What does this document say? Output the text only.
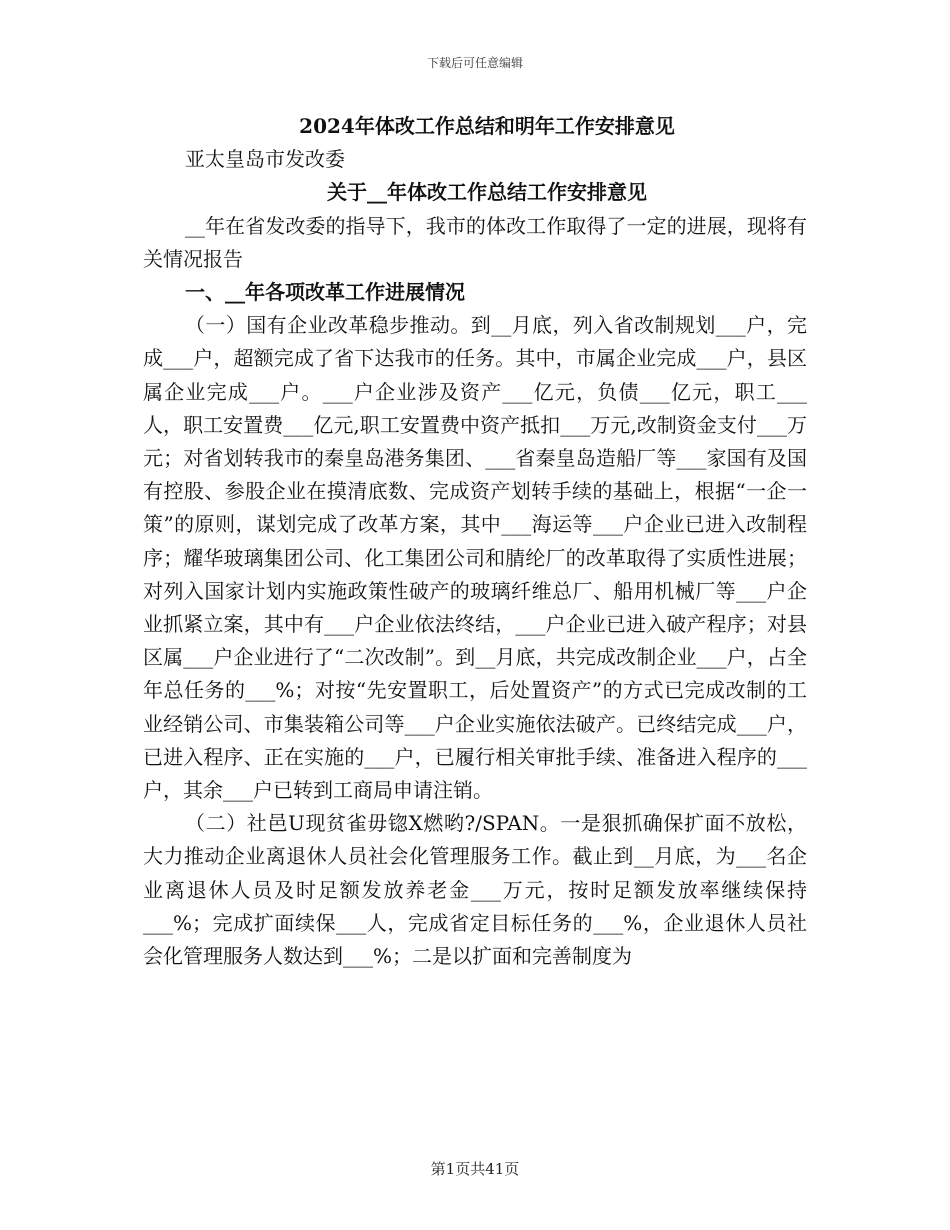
下载后可任意编辑

2024年体改工作总结和明年工作安排意见

亚太皇岛市发改委

关于__年体改工作总结工作安排意见

__年在省发改委的指导下，我市的体改工作取得了一定的进展，现将有关情况报告

一、__年各项改革工作进展情况

（一）国有企业改革稳步推动。到__月底，列入省改制规划___户，完成___户，超额完成了省下达我市的任务。其中，市属企业完成___户，县区属企业完成___户。___户企业涉及资产___亿元，负债___亿元，职工___人，职工安置费___亿元,职工安置费中资产抵扣___万元,改制资金支付___万元；对省划转我市的秦皇岛港务集团、___省秦皇岛造船厂等___家国有及国有控股、参股企业在摸清底数、完成资产划转手续的基础上，根据“一企一策”的原则，谋划完成了改革方案，其中___海运等___户企业已进入改制程序；耀华玻璃集团公司、化工集团公司和腈纶厂的改革取得了实质性进展；对列入国家计划内实施政策性破产的玻璃纤维总厂、船用机械厂等___户企业抓紧立案，其中有___户企业依法终结，___户企业已进入破产程序；对县区属___户企业进行了“二次改制”。到__月底，共完成改制企业___户，占全年总任务的___%；对按“先安置职工，后处置资产”的方式已完成改制的工业经销公司、市集装箱公司等___户企业实施依法破产。已终结完成___户，已进入程序、正在实施的___户，已履行相关审批手续、准备进入程序的___户，其余___户已转到工商局申请注销。

（二）社邑U现贫雀毋锪X燃哟?/SPAN。一是狠抓确保扩面不放松，大力推动企业离退休人员社会化管理服务工作。截止到__月底，为___名企业离退休人员及时足额发放养老金___万元，按时足额发放率继续保持___%；完成扩面续保___人，完成省定目标任务的___%，企业退休人员社会化管理服务人数达到___%；二是以扩面和完善制度为

第1页共41页
